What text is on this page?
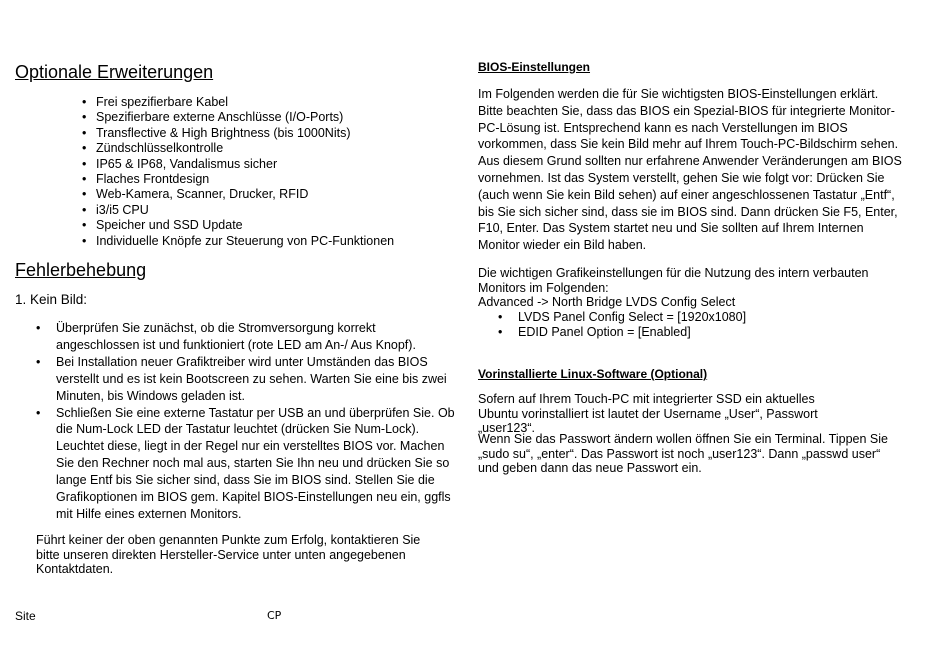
Optionale Erweiterungen
• Frei spezifierbare Kabel
• Spezifierbare externe Anschlüsse (I/O-Ports)
• Transflective & High Brightness (bis 1000Nits)
• Zündschlüsselkontrolle
• IP65 & IP68, Vandalismus sicher
• Flaches Frontdesign
• Web-Kamera, Scanner, Drucker, RFID
• i3/i5 CPU
• Speicher und SSD Update
• Individuelle Knöpfe zur Steuerung von PC-Funktionen
Fehlerbehebung
1. Kein Bild:
• Überprüfen Sie zunächst, ob die Stromversorgung korrekt angeschlossen ist und funktioniert (rote LED am An-/ Aus Knopf).
• Bei Installation neuer Grafiktreiber wird unter Umständen das BIOS verstellt und es ist kein Bootscreen zu sehen. Warten Sie eine bis zwei Minuten, bis Windows geladen ist.
• Schließen Sie eine externe Tastatur per USB an und überprüfen Sie. Ob die Num-Lock LED der Tastatur leuchtet (drücken Sie Num-Lock). Leuchtet diese, liegt in der Regel nur ein verstelltes BIOS vor. Machen Sie den Rechner noch mal aus, starten Sie Ihn neu und drücken Sie so lange Entf bis Sie sicher sind, dass Sie im BIOS sind. Stellen Sie die Grafikoptionen im BIOS gem. Kapitel BIOS-Einstellungen neu ein, ggfls mit Hilfe eines externen Monitors.
Führt keiner der oben genannten Punkte zum Erfolg, kontaktieren Sie bitte unseren direkten Hersteller-Service unter unten angegebenen Kontaktdaten.
BIOS-Einstellungen
Im Folgenden werden die für Sie wichtigsten BIOS-Einstellungen erklärt. Bitte beachten Sie, dass das BIOS ein Spezial-BIOS für integrierte Monitor-PC-Lösung ist. Entsprechend kann es nach Verstellungen im BIOS vorkommen, dass Sie kein Bild mehr auf Ihrem Touch-PC-Bildschirm sehen. Aus diesem Grund sollten nur erfahrene Anwender Veränderungen am BIOS vornehmen. Ist das System verstellt, gehen Sie wie folgt vor: Drücken Sie (auch wenn Sie kein Bild sehen) auf einer angeschlossenen Tastatur „Entf“, bis Sie sich sicher sind, dass sie im BIOS sind. Dann drücken Sie F5, Enter, F10, Enter. Das System startet neu und Sie sollten auf Ihrem Internen Monitor wieder ein Bild haben.
Die wichtigen Grafikeinstellungen für die Nutzung des intern verbauten Monitors im Folgenden:
Advanced -> North Bridge LVDS Config Select
• LVDS Panel Config Select = [1920x1080]
• EDID Panel Option = [Enabled]
Vorinstallierte Linux-Software (Optional)
Sofern auf Ihrem Touch-PC mit integrierter SSD ein aktuelles Ubuntu vorinstalliert ist lautet der Username „User“, Passwort „user123“.
Wenn Sie das Passwort ändern wollen öffnen Sie ein Terminal. Tippen Sie „sudo su“, „enter“. Das Passwort ist noch „user123“. Dann „passwd user“ und geben dann das neue Passwort ein.
Site	CP
